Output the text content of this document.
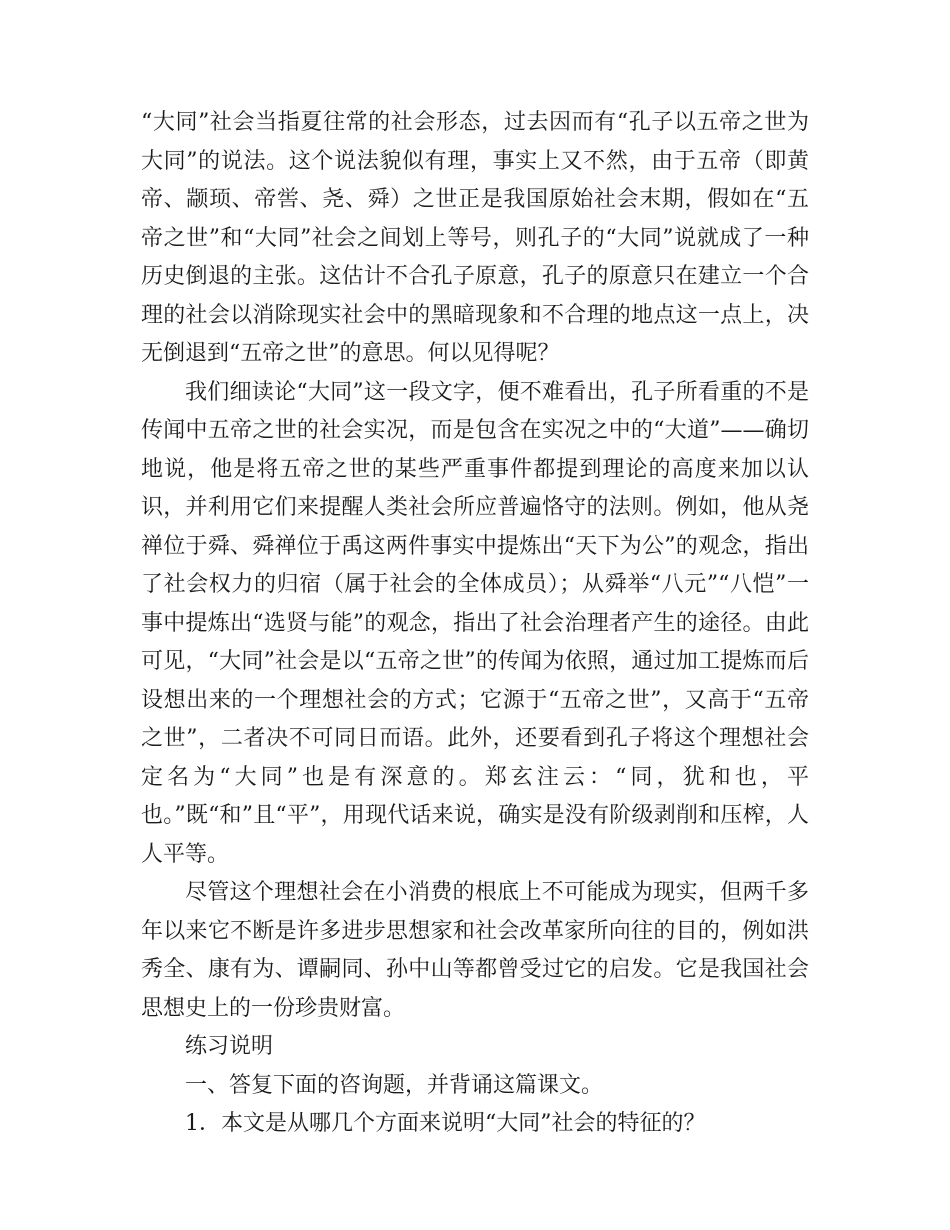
“大同”社会当指夏往常的社会形态，过去因而有“孔子以五帝之世为大同”的说法。这个说法貌似有理，事实上又不然，由于五帝（即黄帝、颛顼、帝喾、尧、舜）之世正是我国原始社会末期，假如在“五帝之世”和“大同”社会之间划上等号，则孔子的“大同”说就成了一种历史倒退的主张。这估计不合孔子原意，孔子的原意只在建立一个合理的社会以消除现实社会中的黑暗现象和不合理的地点这一点上，决无倒退到“五帝之世”的意思。何以见得呢？

我们细读论“大同”这一段文字，便不难看出，孔子所看重的不是传闻中五帝之世的社会实况，而是包含在实况之中的“大道”——确切地说，他是将五帝之世的某些严重事件都提到理论的高度来加以认识，并利用它们来提醒人类社会所应普遍恪守的法则。例如，他从尧禅位于舜、舜禅位于禹这两件事实中提炼出“天下为公”的观念，指出了社会权力的归宿（属于社会的全体成员）；从舜举“八元”“八恺”一事中提炼出“选贤与能”的观念，指出了社会治理者产生的途径。由此可见，“大同”社会是以“五帝之世”的传闻为依照，通过加工提炼而后设想出来的一个理想社会的方式；它源于“五帝之世”，又高于“五帝之世”，二者决不可同日而语。此外，还要看到孔子将这个理想社会定名为“大同”也是有深意的。郑玄注云：“同，犹和也，平也。”既“和”且“平”，用现代话来说，确实是没有阶级剥削和压榨，人人平等。

尽管这个理想社会在小消费的根底上不可能成为现实，但两千多年以来它不断是许多进步思想家和社会改革家所向往的目的，例如洪秀全、康有为、谭嗣同、孙中山等都曾受过它的启发。它是我国社会思想史上的一份珍贵财富。

练习说明

一、答复下面的咨询题，并背诵这篇课文。

1．本文是从哪几个方面来说明“大同”社会的特征的？
